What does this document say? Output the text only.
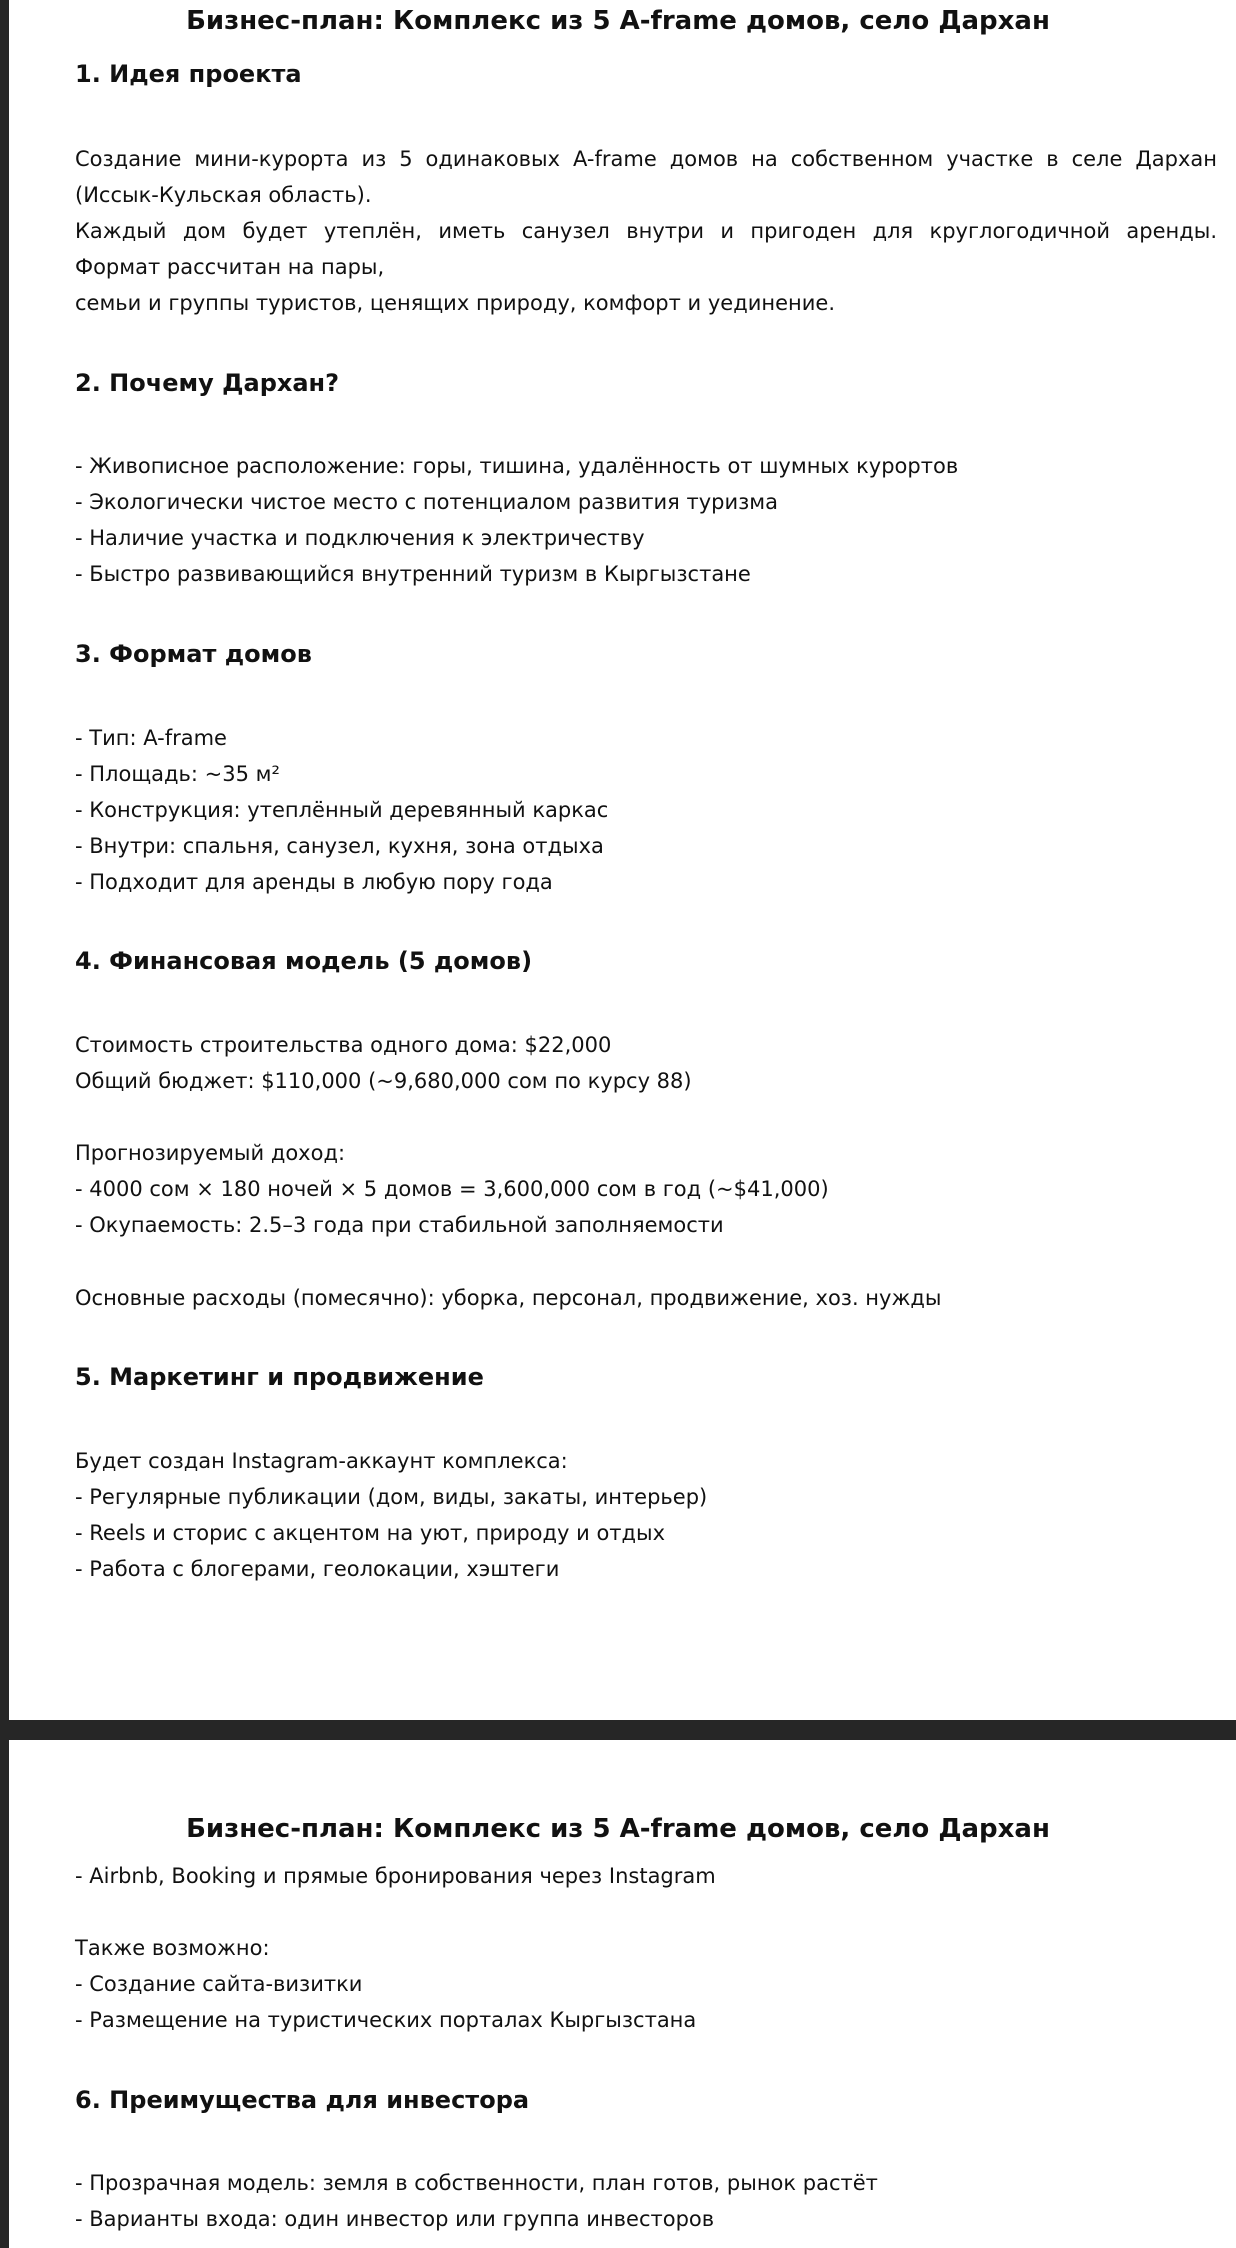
Бизнес-план: Комплекс из 5 A-frame домов, село Дархан
1. Идея проекта

Создание мини-курорта из 5 одинаковых A-frame домов на собственном участке в селе Дархан

(Иссык-Кульская область).

Каждый дом будет утеплён, иметь санузел внутри и пригоден для круглогодичной аренды.

Формат рассчитан на пары,

семьи и группы туристов, ценящих природу, комфорт и уединение.

2. Почему Дархан?

- Живописное расположение: горы, тишина, удалённость от шумных курортов

- Экологически чистое место с потенциалом развития туризма

- Наличие участка и подключения к электричеству

- Быстро развивающийся внутренний туризм в Кыргызстане

3. Формат домов

- Тип: A-frame

- Площадь: ~35 м²

- Конструкция: утеплённый деревянный каркас

- Внутри: спальня, санузел, кухня, зона отдыха

- Подходит для аренды в любую пору года

4. Финансовая модель (5 домов)

Стоимость строительства одного дома: $22,000

Общий бюджет: $110,000 (~9,680,000 сом по курсу 88)

Прогнозируемый доход:

- 4000 сом × 180 ночей × 5 домов = 3,600,000 сом в год (~$41,000)

- Окупаемость: 2.5–3 года при стабильной заполняемости

Основные расходы (помесячно): уборка, персонал, продвижение, хоз. нужды

5. Маркетинг и продвижение

Будет создан Instagram-аккаунт комплекса:

- Регулярные публикации (дом, виды, закаты, интерьер)

- Reels и сторис с акцентом на уют, природу и отдых

- Работа с блогерами, геолокации, хэштеги

Бизнес-план: Комплекс из 5 A-frame домов, село Дархан

- Airbnb, Booking и прямые бронирования через Instagram

Также возможно:

- Создание сайта-визитки

- Размещение на туристических порталах Кыргызстана

6. Преимущества для инвестора

- Прозрачная модель: земля в собственности, план готов, рынок растёт

- Варианты входа: один инвестор или группа инвесторов
